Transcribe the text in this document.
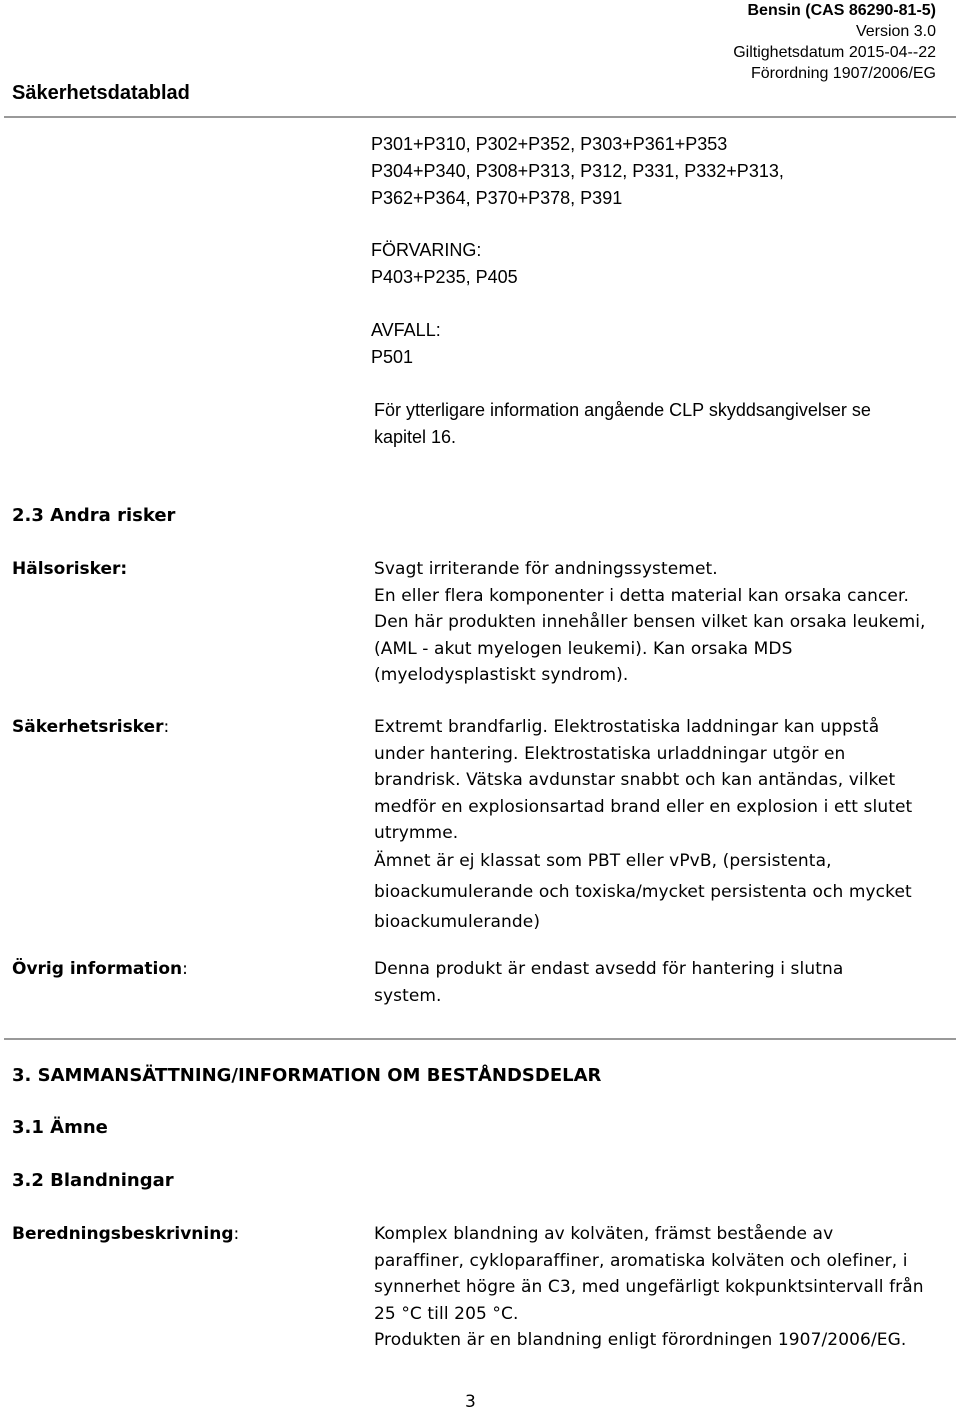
Bensin (CAS 86290-81-5)
Version 3.0
Giltighetsdatum 2015-04--22
Förordning 1907/2006/EG
Säkerhetsdatablad
P301+P310, P302+P352, P303+P361+P353
P304+P340, P308+P313, P312, P331, P332+P313,
P362+P364, P370+P378, P391
FÖRVARING:
P403+P235, P405
AVFALL:
P501
För ytterligare information angående CLP skyddsangivelser se
kapitel 16.
2.3 Andra risker
Hälsorisker:	Svagt irriterande för andningssystemet.
En eller flera komponenter i detta material kan orsaka cancer.
Den här produkten innehåller bensen vilket kan orsaka leukemi,
(AML - akut myelogen leukemi). Kan orsaka MDS
(myelodysplastiskt syndrom).
Säkerhetsrisker:	Extremt brandfarlig. Elektrostatiska laddningar kan uppstå
under hantering. Elektrostatiska urladdningar utgör en
brandrisk. Vätska avdunstar snabbt och kan antändas, vilket
medför en explosionsartad brand eller en explosion i ett slutet
utrymme.
Ämnet är ej klassat som PBT eller vPvB, (persistenta,
bioackumulerande och toxiska/mycket persistenta och mycket
bioackumulerande)
Övrig information:	Denna produkt är endast avsedd för hantering i slutna
system.
3. SAMMANSÄTTNING/INFORMATION OM BESTÅNDSDELAR
3.1 Ämne
3.2 Blandningar
Beredningsbeskrivning:	Komplex blandning av kolväten, främst bestående av
paraffiner, cykloparaffiner, aromatiska kolväten och olefiner, i
synnerhet högre än C3, med ungefärligt kokpunktsintervall från
25 °C till 205 °C.
Produkten är en blandning enligt förordningen 1907/2006/EG.
3
